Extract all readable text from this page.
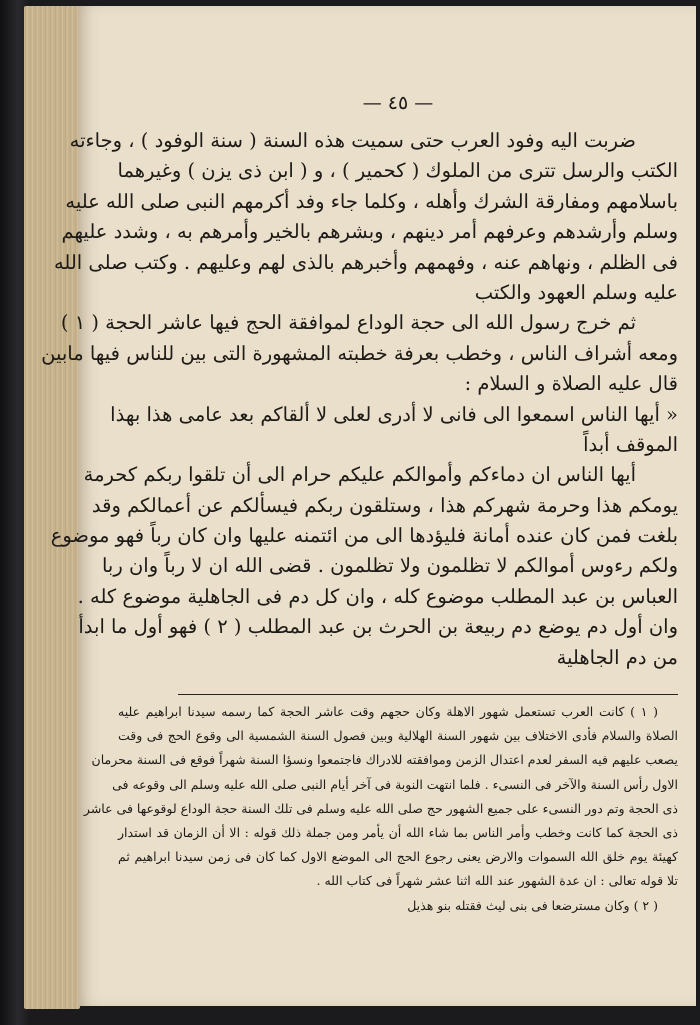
— ٤٥ —
ضربت اليه وفود العرب حتى سميت هذه السنة ( سنة الوفود ) ، وجاءته
الكتب والرسل تترى من الملوك ( كحمير ) ، و ( ابن ذى يزن ) وغيرهما
باسلامهم ومفارقة الشرك وأهله ، وكلما جاء وفد أكرمهم النبى صلى الله عليه
وسلم وأرشدهم وعرفهم أمر دينهم ، وبشرهم بالخير وأمرهم به ، وشدد عليهم
فى الظلم ، ونهاهم عنه ، وفهمهم وأخبرهم بالذى لهم وعليهم . وكتب صلى الله
عليه وسلم العهود والكتب
ثم خرج رسول الله الى حجة الوداع لموافقة الحج فيها عاشر الحجة ( ١ )
ومعه أشراف الناس ، وخطب بعرفة خطبته المشهورة التى بين للناس فيها مابين
قال عليه الصلاة و السلام :
« أيها الناس اسمعوا الى فانى لا أدرى لعلى لا ألقاكم بعد عامى هذا بهذا
الموقف أبداً
أيها الناس ان دماءكم وأموالكم عليكم حرام الى أن تلقوا ربكم كحرمة
يومكم هذا وحرمة شهركم هذا ، وستلقون ربكم فيسألكم عن أعمالكم وقد
بلغت فمن كان عنده أمانة فليؤدها الى من ائتمنه عليها وان كان رباً فهو موضوع
ولكم رءوس أموالكم لا تظلمون ولا تظلمون . قضى الله ان لا رباً وان ربا
العباس بن عبد المطلب موضوع كله ، وان كل دم فى الجاهلية موضوع كله .
وان أول دم يوضع دم ربيعة بن الحرث بن عبد المطلب ( ٢ ) فهو أول ما ابدأ
من دم الجاهلية
( ١ ) كانت العرب تستعمل شهور الاهلة وكان حجهم وقت عاشر الحجة كما رسمه سيدنا ابراهيم عليه
الصلاة والسلام فأدى الاختلاف بين شهور السنة الهلالية وبين فصول السنة الشمسية الى وقوع الحج فى وقت
يصعب عليهم فيه السفر لعدم اعتدال الزمن وموافقته للادراك فاجتمعوا ونسؤا السنة شهراً فوقع فى السنة محرمان
الاول رأس السنة والآخر فى النسىء . فلما انتهت النوبة فى آخر أيام النبى صلى الله عليه وسلم الى وقوعه فى
ذى الحجة وتم دور النسىء على جميع الشهور حج صلى الله عليه وسلم فى تلك السنة حجة الوداع لوقوعها فى عاشر
ذى الحجة كما كانت وخطب وأمر الناس بما شاء الله أن يأمر ومن جملة ذلك قوله : الا أن الزمان قد استدار
كهيئة يوم خلق الله السموات والارض يعنى رجوع الحج الى الموضع الاول كما كان فى زمن سيدنا ابراهيم ثم
تلا قوله تعالى : ان عدة الشهور عند الله اثنا عشر شهراً فى كتاب الله .
( ٢ ) وكان مسترضعا فى بنى ليث فقتله بنو هذيل
